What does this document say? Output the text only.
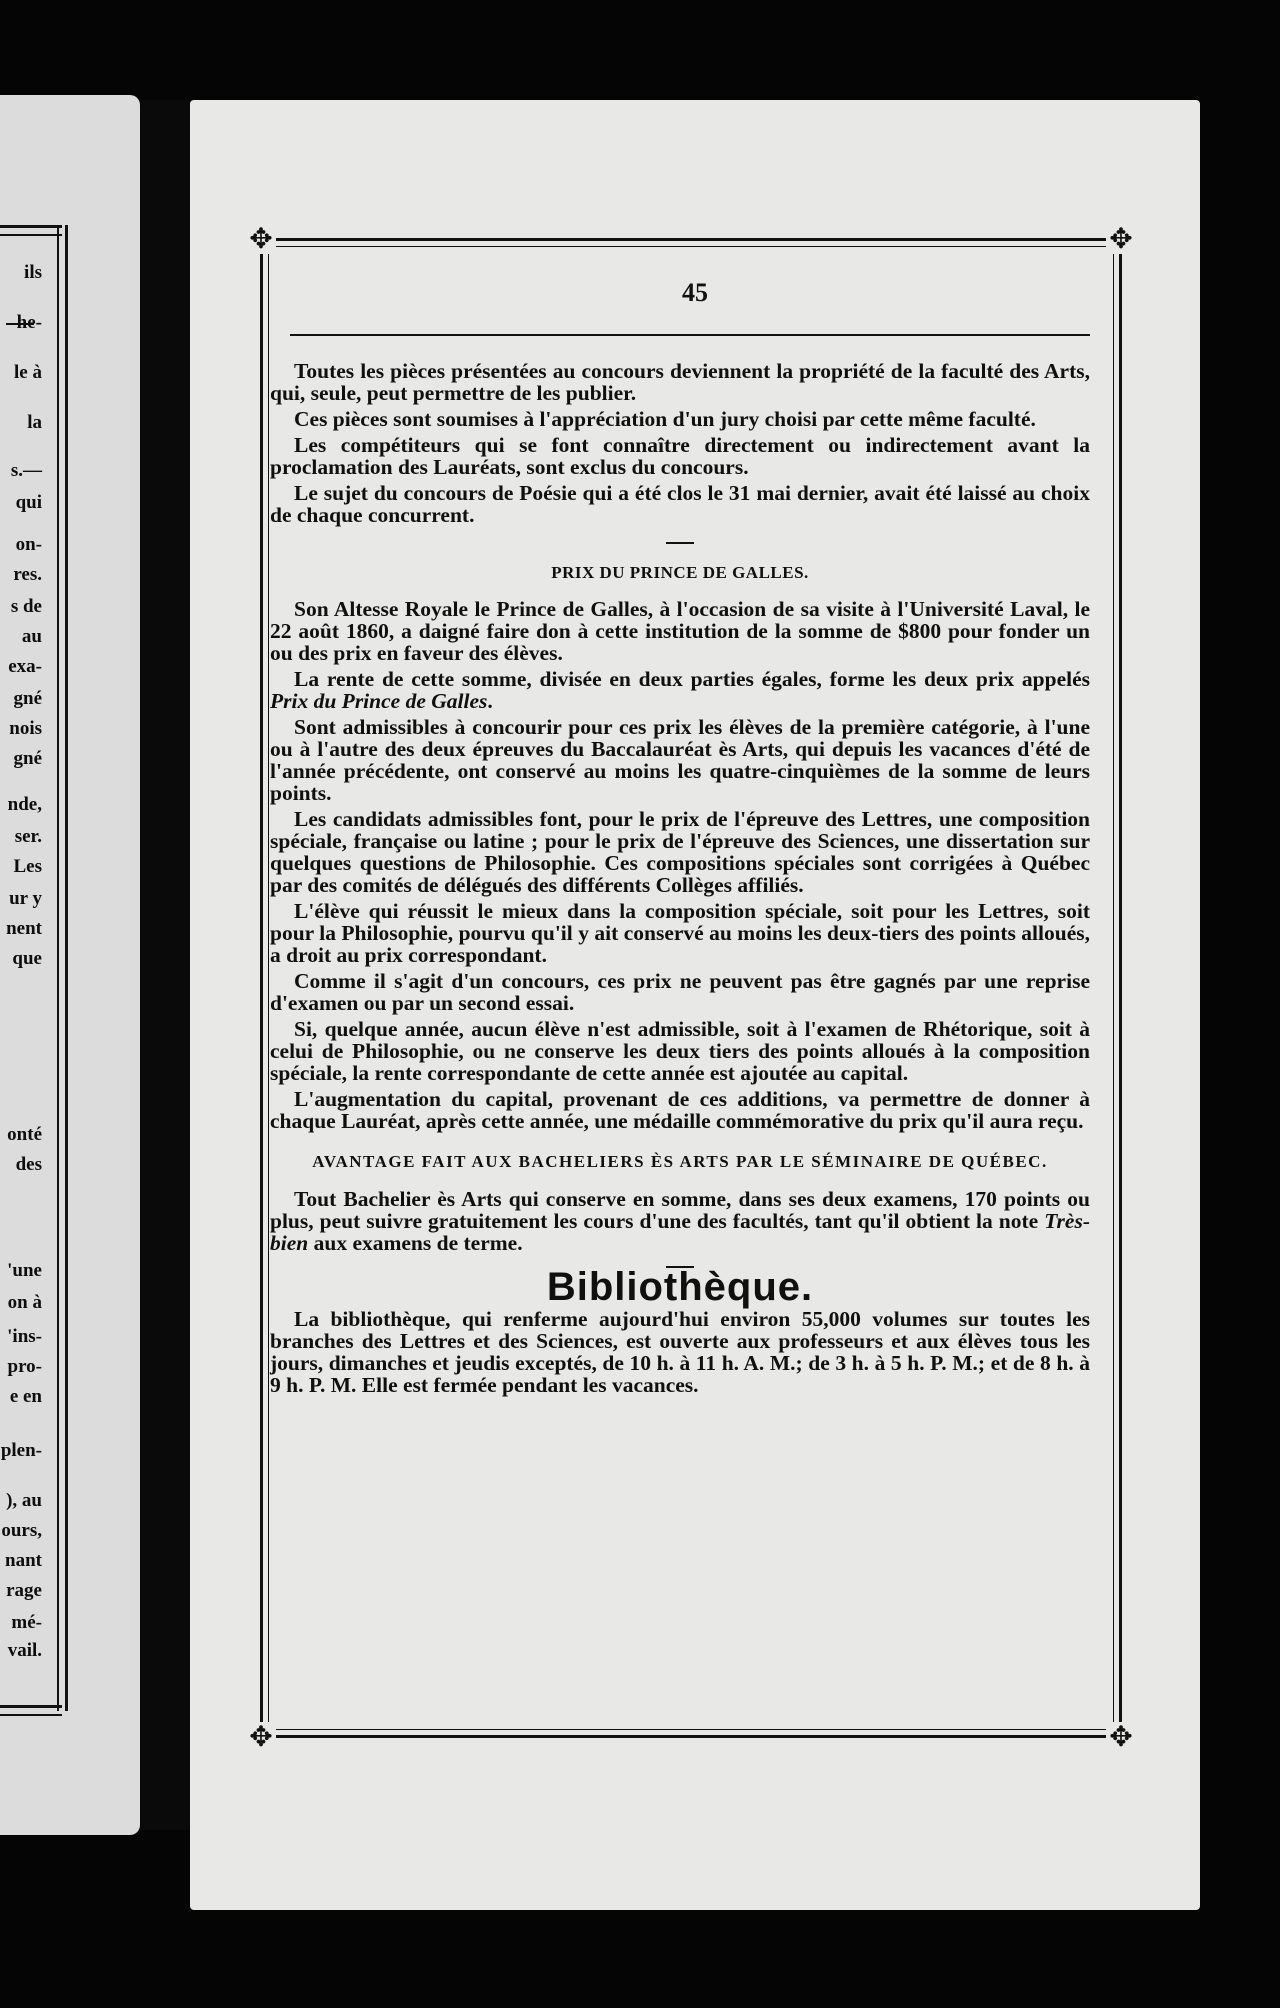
ils
he-
le à
la
s.—
qui
on-
res.
s de
au
exa-
gné
nois
gné
nde,
ser.
Les
ur y
nent
que
onté
des
'une
on à
'ins-
pro-
e en
plen-
), au
ours,
nant
rage
mé-
vail.
✥	✥
✥	✥
45

Toutes les pièces présentées au concours deviennent la propriété de la faculté des Arts, qui, seule, peut permettre de les publier.

Ces pièces sont soumises à l'appréciation d'un jury choisi par cette même faculté.

Les compétiteurs qui se font connaître directement ou indirectement avant la proclamation des Lauréats, sont exclus du concours.

Le sujet du concours de Poésie qui a été clos le 31 mai dernier, avait été laissé au choix de chaque concurrent.

PRIX DU PRINCE DE GALLES.

Son Altesse Royale le Prince de Galles, à l'occasion de sa visite à l'Université Laval, le 22 août 1860, a daigné faire don à cette institution de la somme de $800 pour fonder un ou des prix en faveur des élèves.

La rente de cette somme, divisée en deux parties égales, forme les deux prix appelés Prix du Prince de Galles.

Sont admissibles à concourir pour ces prix les élèves de la première catégorie, à l'une ou à l'autre des deux épreuves du Baccalauréat ès Arts, qui depuis les vacances d'été de l'année précédente, ont conservé au moins les quatre-cinquièmes de la somme de leurs points.

Les candidats admissibles font, pour le prix de l'épreuve des Lettres, une composition spéciale, française ou latine ; pour le prix de l'épreuve des Sciences, une dissertation sur quelques questions de Philosophie. Ces compositions spéciales sont corrigées à Québec par des comités de délégués des différents Collèges affiliés.

L'élève qui réussit le mieux dans la composition spéciale, soit pour les Lettres, soit pour la Philosophie, pourvu qu'il y ait conservé au moins les deux-tiers des points alloués, a droit au prix correspondant.

Comme il s'agit d'un concours, ces prix ne peuvent pas être gagnés par une reprise d'examen ou par un second essai.

Si, quelque année, aucun élève n'est admissible, soit à l'examen de Rhétorique, soit à celui de Philosophie, ou ne conserve les deux tiers des points alloués à la composition spéciale, la rente correspondante de cette année est ajoutée au capital.

L'augmentation du capital, provenant de ces additions, va permettre de donner à chaque Lauréat, après cette année, une médaille commémorative du prix qu'il aura reçu.

AVANTAGE FAIT AUX BACHELIERS ÈS ARTS PAR LE SÉMINAIRE DE QUÉBEC.

Tout Bachelier ès Arts qui conserve en somme, dans ses deux examens, 170 points ou plus, peut suivre gratuitement les cours d'une des facultés, tant qu'il obtient la note Très-bien aux examens de terme.

Bibliothèque.

La bibliothèque, qui renferme aujourd'hui environ 55,000 volumes sur toutes les branches des Lettres et des Sciences, est ouverte aux professeurs et aux élèves tous les jours, dimanches et jeudis exceptés, de 10 h. à 11 h. A. M.; de 3 h. à 5 h. P. M.; et de 8 h. à 9 h. P. M. Elle est fermée pendant les vacances.
